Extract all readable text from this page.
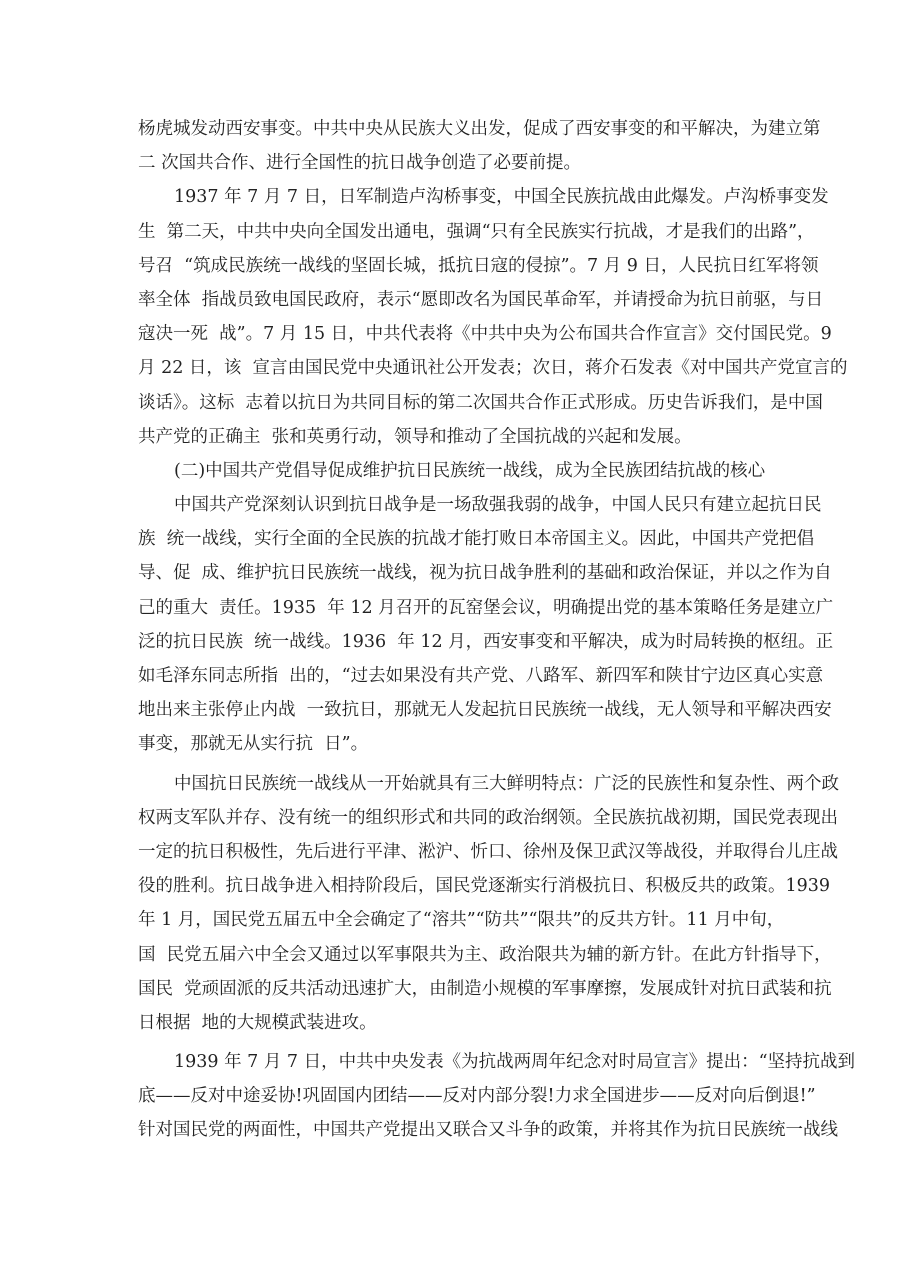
杨虎城发动西安事变。中共中央从民族大义出发，促成了西安事变的和平解决，为建立第
二 次国共合作、进行全国性的抗日战争创造了必要前提。
1937 年 7 月 7 日，日军制造卢沟桥事变，中国全民族抗战由此爆发。卢沟桥事变发
生  第二天，中共中央向全国发出通电，强调“只有全民族实行抗战，才是我们的出路”，
号召  “筑成民族统一战线的坚固长城，抵抗日寇的侵掠”。7 月 9 日，人民抗日红军将领
率全体  指战员致电国民政府，表示“愿即改名为国民革命军，并请授命为抗日前驱，与日
寇决一死  战”。7 月 15 日，中共代表将《中共中央为公布国共合作宣言》交付国民党。9
月 22 日，该  宣言由国民党中央通讯社公开发表；次日，蒋介石发表《对中国共产党宣言的
谈话》。这标  志着以抗日为共同目标的第二次国共合作正式形成。历史告诉我们，是中国
共产党的正确主  张和英勇行动，领导和推动了全国抗战的兴起和发展。
(二)中国共产党倡导促成维护抗日民族统一战线，成为全民族团结抗战的核心
中国共产党深刻认识到抗日战争是一场敌强我弱的战争，中国人民只有建立起抗日民
族  统一战线，实行全面的全民族的抗战才能打败日本帝国主义。因此，中国共产党把倡
导、促  成、维护抗日民族统一战线，视为抗日战争胜利的基础和政治保证，并以之作为自
己的重大  责任。1935  年 12 月召开的瓦窑堡会议，明确提出党的基本策略任务是建立广
泛的抗日民族  统一战线。1936  年 12 月，西安事变和平解决，成为时局转换的枢纽。正
如毛泽东同志所指  出的，“过去如果没有共产党、八路军、新四军和陕甘宁边区真心实意
地出来主张停止内战  一致抗日，那就无人发起抗日民族统一战线，无人领导和平解决西安
事变，那就无从实行抗  日”。
中国抗日民族统一战线从一开始就具有三大鲜明特点：广泛的民族性和复杂性、两个政
权两支军队并存、没有统一的组织形式和共同的政治纲领。全民族抗战初期，国民党表现出
一定的抗日积极性，先后进行平津、淞沪、忻口、徐州及保卫武汉等战役，并取得台儿庄战
役的胜利。抗日战争进入相持阶段后，国民党逐渐实行消极抗日、积极反共的政策。1939
年 1 月，国民党五届五中全会确定了“溶共”“防共”“限共”的反共方针。11 月中旬，
国  民党五届六中全会又通过以军事限共为主、政治限共为辅的新方针。在此方针指导下，
国民  党顽固派的反共活动迅速扩大，由制造小规模的军事摩擦，发展成针对抗日武装和抗
日根据  地的大规模武装进攻。
1939 年 7 月 7 日，中共中央发表《为抗战两周年纪念对时局宣言》提出：“坚持抗战到
底——反对中途妥协!巩固国内团结——反对内部分裂!力求全国进步——反对向后倒退!”
针对国民党的两面性，中国共产党提出又联合又斗争的政策，并将其作为抗日民族统一战线
